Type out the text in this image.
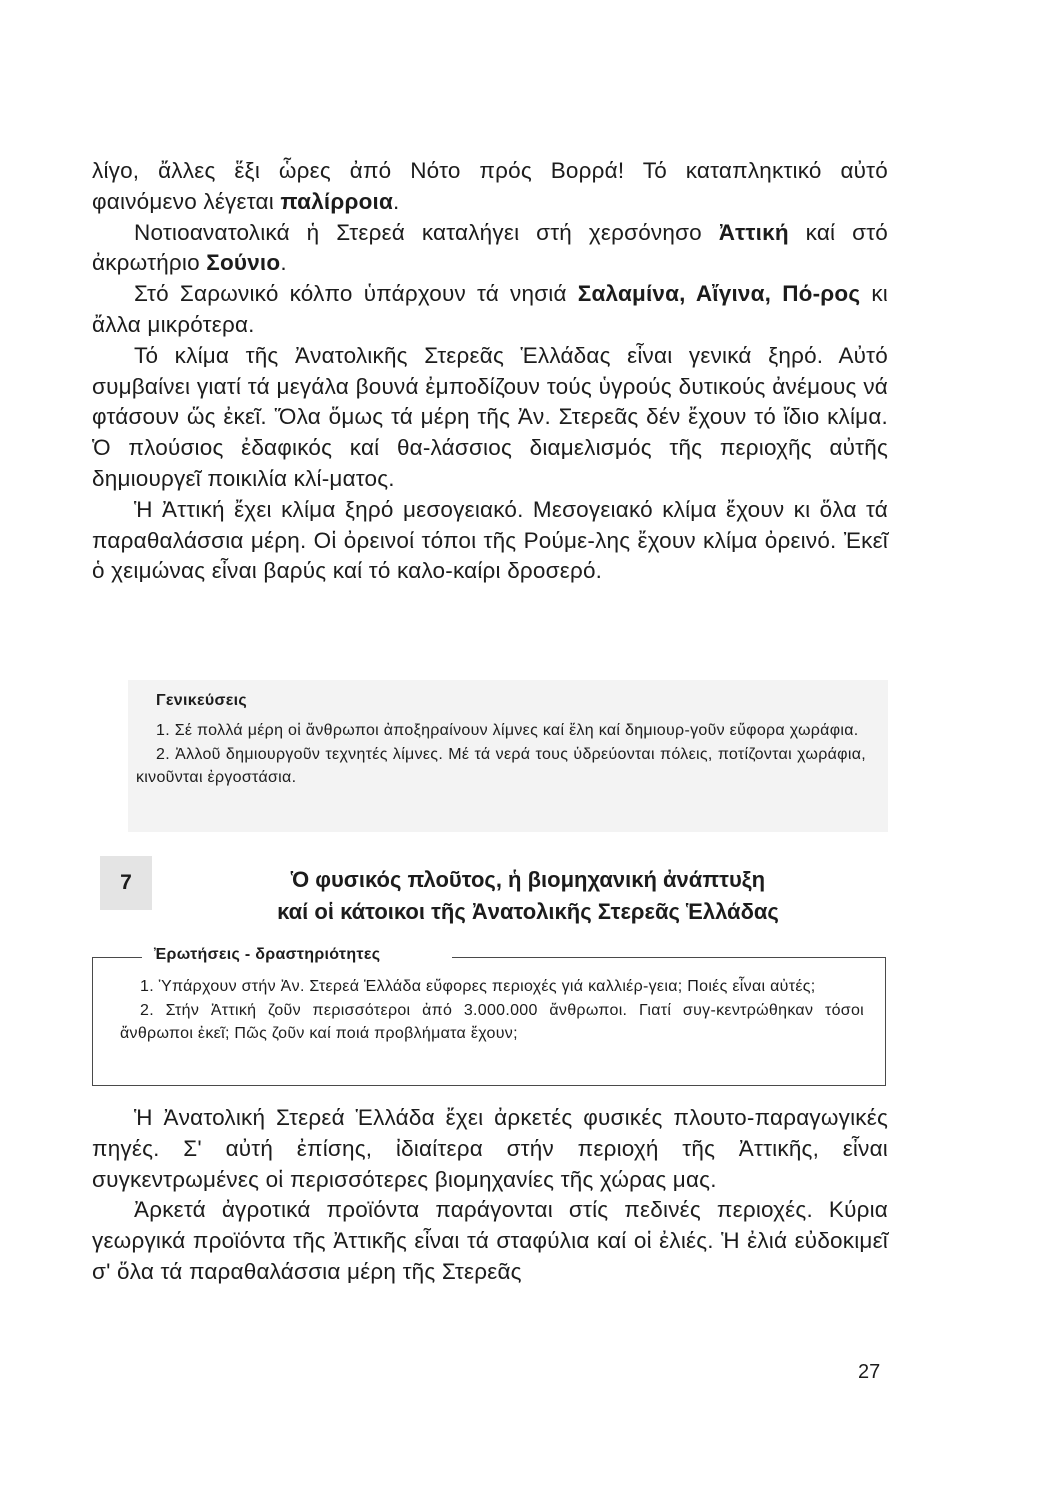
λίγο, ἄλλες ἕξι ὧρες ἀπό Νότο πρός Βορρά! Τό καταπληκτικό αὐτό
φαινόμενο λέγεται παλίρροια.

Νοτιοανατολικά ἡ Στερεά καταλήγει στή χερσόνησο Ἀττική καί στό ἀκρωτήριο Σούνιο.

Στό Σαρωνικό κόλπο ὑπάρχουν τά νησιά Σαλαμίνα, Αἴγινα, Πό-ρος κι ἄλλα μικρότερα.

Τό κλίμα τῆς Ἀνατολικῆς Στερεᾶς Ἑλλάδας εἶναι γενικά ξηρό. Αὐτό συμβαίνει γιατί τά μεγάλα βουνά ἐμποδίζουν τούς ὑγρούς δυτικούς ἀνέμους νά φτάσουν ὥς ἐκεῖ. Ὅλα ὅμως τά μέρη τῆς Ἀν. Στερεᾶς δέν ἔχουν τό ἴδιο κλίμα. Ὁ πλούσιος ἐδαφικός καί θα-λάσσιος διαμελισμός τῆς περιοχῆς αὐτῆς δημιουργεῖ ποικιλία κλί-ματος.

Ἡ Ἀττική ἔχει κλίμα ξηρό μεσογειακό. Μεσογειακό κλίμα ἔχουν κι ὅλα τά παραθαλάσσια μέρη. Οἱ ὀρεινοί τόποι τῆς Ρούμε-λης ἔχουν κλίμα ὀρεινό. Ἐκεῖ ὁ χειμώνας εἶναι βαρύς καί τό καλο-καίρι δροσερό.

Γενικεύσεις

1. Σέ πολλά μέρη οἱ ἄνθρωποι ἀποξηραίνουν λίμνες καί ἕλη καί δημιουρ-γοῦν εὔφορα χωράφια.

2. Ἀλλοῦ δημιουργοῦν τεχνητές λίμνες. Μέ τά νερά τους ὑδρεύονται πόλεις, ποτίζονται χωράφια, κινοῦνται ἐργοστάσια.

7	Ὁ φυσικός πλοῦτος, ἡ βιομηχανική ἀνάπτυξη
καί οἱ κάτοικοι τῆς Ἀνατολικῆς Στερεᾶς Ἑλλάδας
Ἐρωτήσεις - δραστηριότητες

1. Ὑπάρχουν στήν Ἀν. Στερεά Ἑλλάδα εὔφορες περιοχές γιά καλλιέρ-γεια; Ποιές εἶναι αὐτές;

2. Στήν Ἀττική ζοῦν περισσότεροι ἀπό 3.000.000 ἄνθρωποι. Γιατί συγ-κεντρώθηκαν τόσοι ἄνθρωποι ἐκεῖ; Πῶς ζοῦν καί ποιά προβλήματα ἔχουν;

Ἡ Ἀνατολική Στερεά Ἑλλάδα ἔχει ἀρκετές φυσικές πλουτο-παραγωγικές πηγές. Σ' αὐτή ἐπίσης, ἰδιαίτερα στήν περιοχή τῆς Ἀττικῆς, εἶναι συγκεντρωμένες οἱ περισσότερες βιομηχανίες τῆς χώρας μας.

Ἀρκετά ἀγροτικά προϊόντα παράγονται στίς πεδινές περιοχές. Κύρια γεωργικά προϊόντα τῆς Ἀττικῆς εἶναι τά σταφύλια καί οἱ ἐλιές. Ἡ ἐλιά εὐδοκιμεῖ σ' ὅλα τά παραθαλάσσια μέρη τῆς Στερεᾶς

27
